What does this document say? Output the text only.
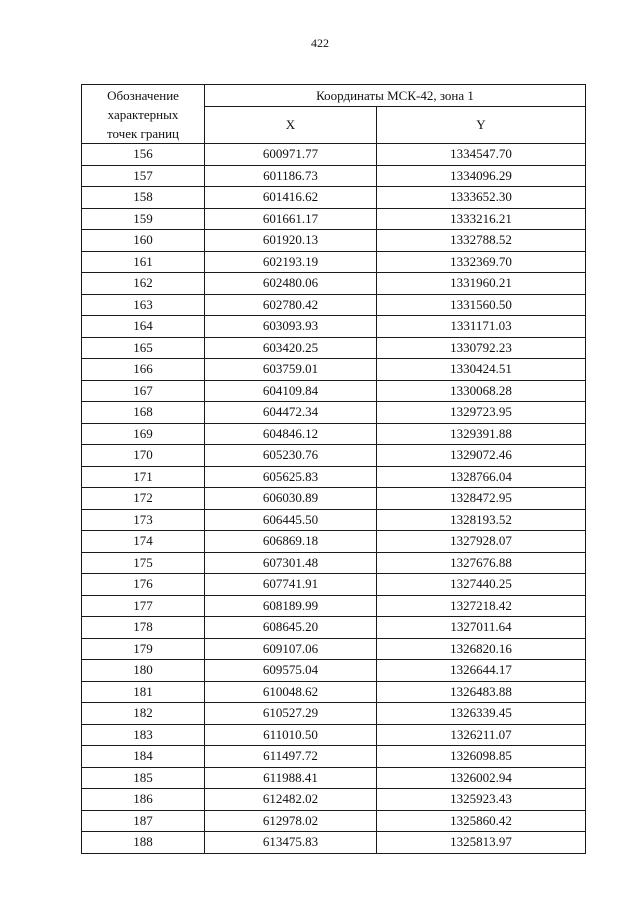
422
Обозначение
характерных
точек границ	Координаты МСК-42, зона 1	
	X	Y
156	600971.77	1334547.70
157	601186.73	1334096.29
158	601416.62	1333652.30
159	601661.17	1333216.21
160	601920.13	1332788.52
161	602193.19	1332369.70
162	602480.06	1331960.21
163	602780.42	1331560.50
164	603093.93	1331171.03
165	603420.25	1330792.23
166	603759.01	1330424.51
167	604109.84	1330068.28
168	604472.34	1329723.95
169	604846.12	1329391.88
170	605230.76	1329072.46
171	605625.83	1328766.04
172	606030.89	1328472.95
173	606445.50	1328193.52
174	606869.18	1327928.07
175	607301.48	1327676.88
176	607741.91	1327440.25
177	608189.99	1327218.42
178	608645.20	1327011.64
179	609107.06	1326820.16
180	609575.04	1326644.17
181	610048.62	1326483.88
182	610527.29	1326339.45
183	611010.50	1326211.07
184	611497.72	1326098.85
185	611988.41	1326002.94
186	612482.02	1325923.43
187	612978.02	1325860.42
188	613475.83	1325813.97
